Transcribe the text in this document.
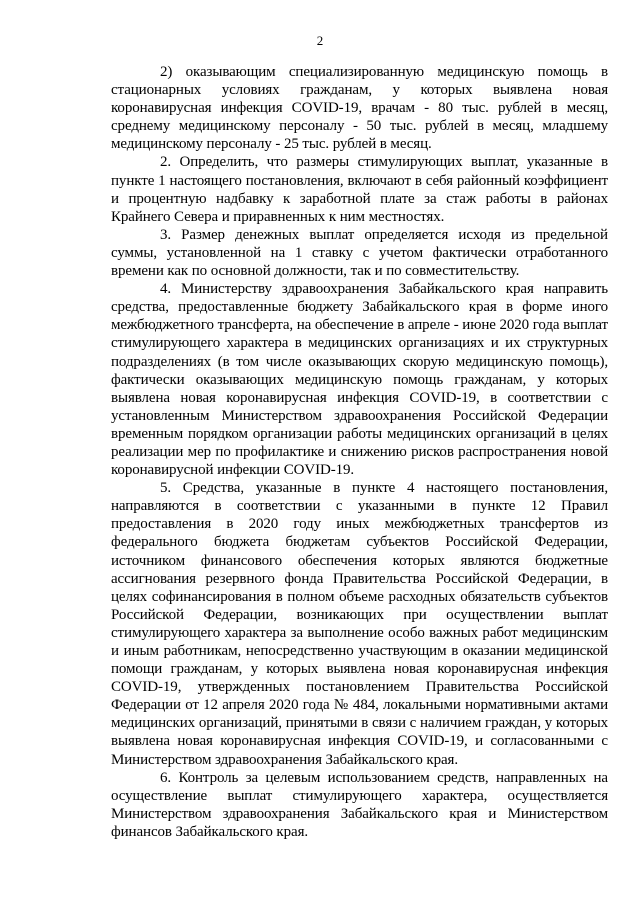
2

2) оказывающим специализированную медицинскую помощь в стационарных условиях гражданам, у которых выявлена новая коронавирусная инфекция COVID-19, врачам - 80 тыс. рублей в месяц, среднему медицинскому персоналу - 50 тыс. рублей в месяц, младшему медицинскому персоналу - 25 тыс. рублей в месяц.

2. Определить, что размеры стимулирующих выплат, указанные в пункте 1 настоящего постановления, включают в себя районный коэффициент и процентную надбавку к заработной плате за стаж работы в районах Крайнего Севера и приравненных к ним местностях.

3. Размер денежных выплат определяется исходя из предельной суммы, установленной на 1 ставку с учетом фактически отработанного времени как по основной должности, так и по совместительству.

4. Министерству здравоохранения Забайкальского края направить средства, предоставленные бюджету Забайкальского края в форме иного межбюджетного трансферта, на обеспечение в апреле - июне 2020 года выплат стимулирующего характера в медицинских организациях и их структурных подразделениях (в том числе оказывающих скорую медицинскую помощь), фактически оказывающих медицинскую помощь гражданам, у которых выявлена новая коронавирусная инфекция COVID-19, в соответствии с установленным Министерством здравоохранения Российской Федерации временным порядком организации работы медицинских организаций в целях реализации мер по профилактике и снижению рисков распространения новой коронавирусной инфекции COVID-19.

5. Средства, указанные в пункте 4 настоящего постановления, направляются в соответствии с указанными в пункте 12 Правил предоставления в 2020 году иных межбюджетных трансфертов из федерального бюджета бюджетам субъектов Российской Федерации, источником финансового обеспечения которых являются бюджетные ассигнования резервного фонда Правительства Российской Федерации, в целях софинансирования в полном объеме расходных обязательств субъектов Российской Федерации, возникающих при осуществлении выплат стимулирующего характера за выполнение особо важных работ медицинским и иным работникам, непосредственно участвующим в оказании медицинской помощи гражданам, у которых выявлена новая коронавирусная инфекция COVID-19, утвержденных постановлением Правительства Российской Федерации от 12 апреля 2020 года № 484, локальными нормативными актами медицинских организаций, принятыми в связи с наличием граждан, у которых выявлена новая коронавирусная инфекция COVID-19, и согласованными с Министерством здравоохранения Забайкальского края.

6. Контроль за целевым использованием средств, направленных на осуществление выплат стимулирующего характера, осуществляется Министерством здравоохранения Забайкальского края и Министерством финансов Забайкальского края.
